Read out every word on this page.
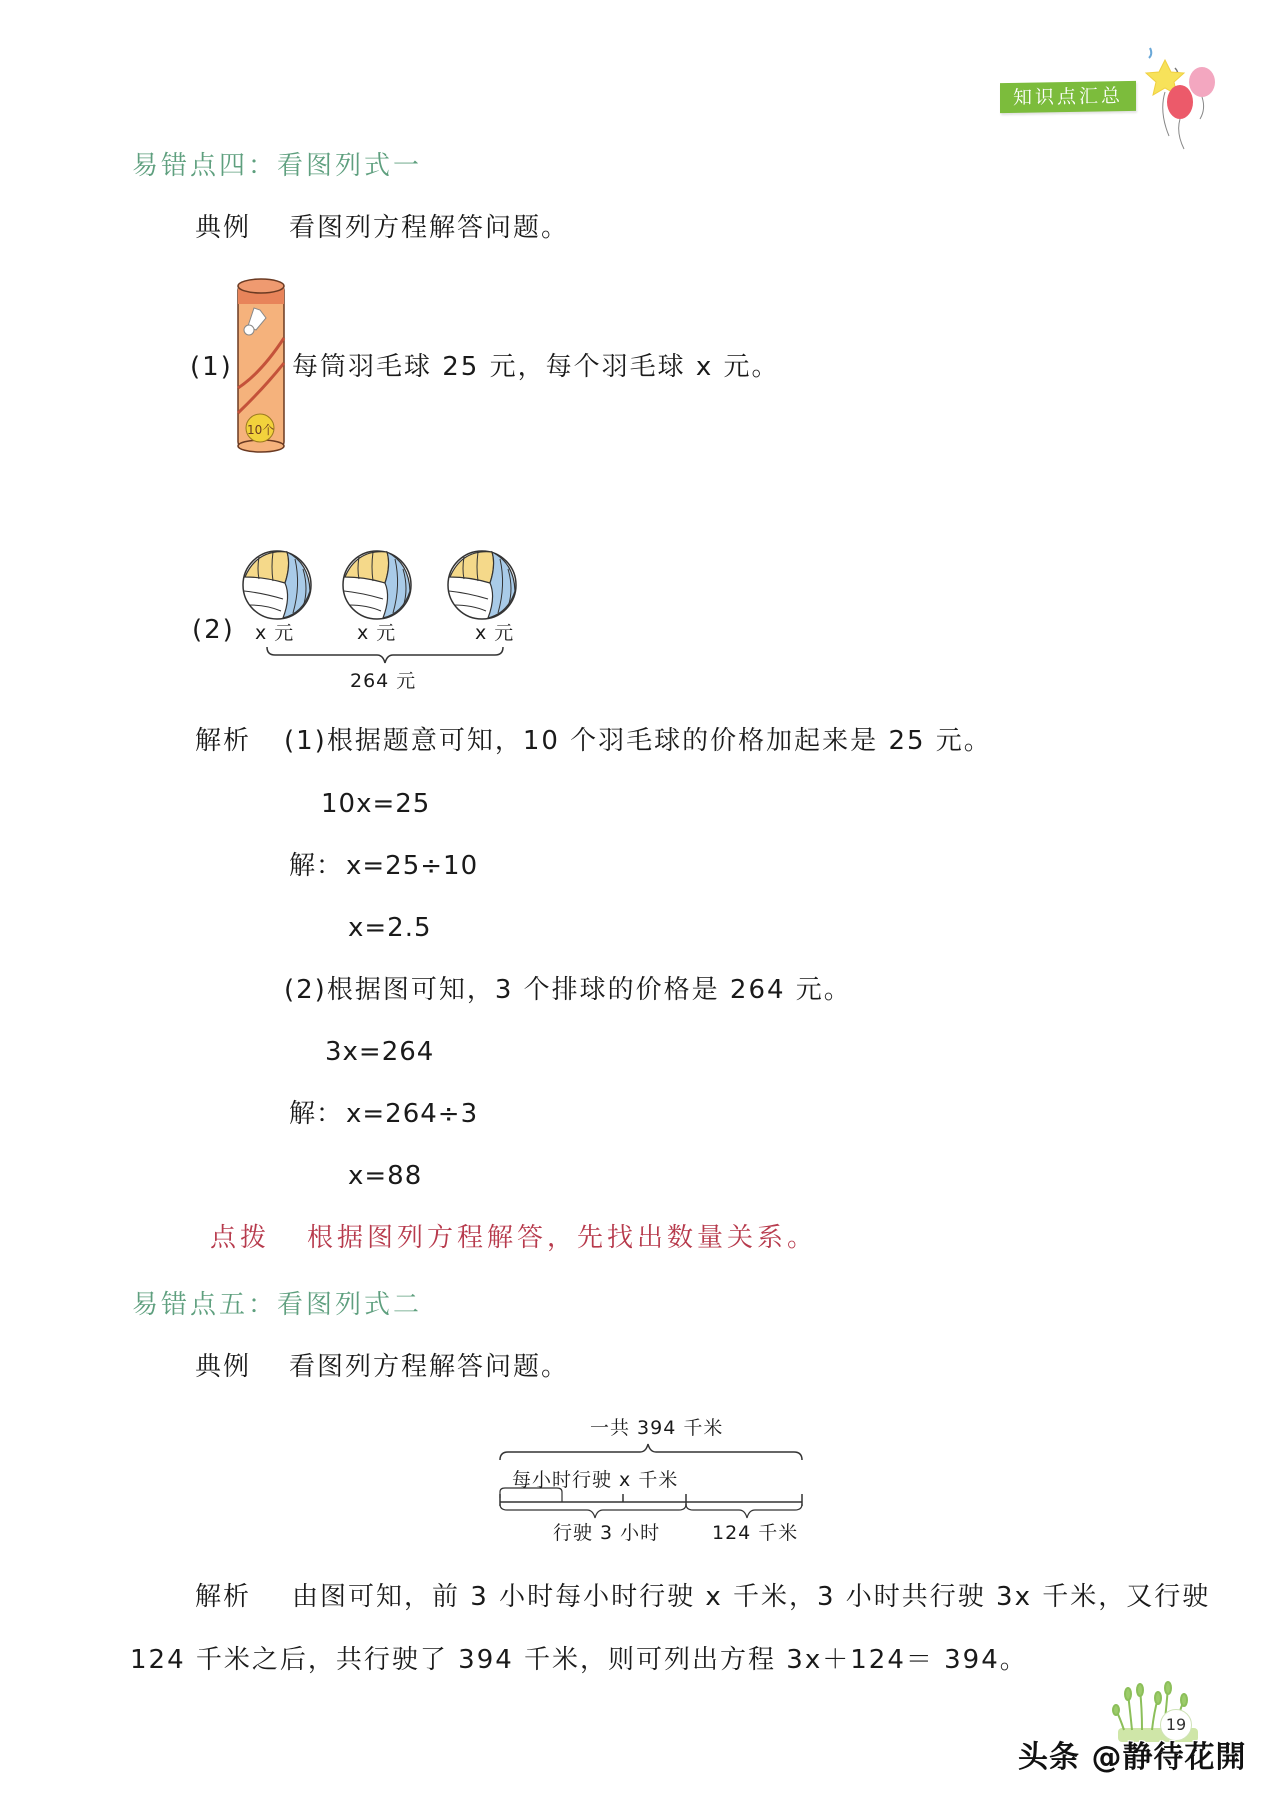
知识点汇总
易错点四：看图列式一
典例 看图列方程解答问题。
(1)
10个
每筒羽毛球 25 元，每个羽毛球 x 元。
(2) x 元	x 元	x 元
264 元
解析 (1)根据题意可知，10 个羽毛球的价格加起来是 25 元。
10x=25
解： x=25÷10
x=2.5
(2)根据图可知，3 个排球的价格是 264 元。
3x=264
解： x=264÷3
x=88
点拨 根据图列方程解答，先找出数量关系。
易错点五：看图列式二
典例 看图列方程解答问题。
一共 394 千米
每小时行驶 x 千米
行驶 3 小时	124 千米
解析 由图可知，前 3 小时每小时行驶 x 千米，3 小时共行驶 3x 千米，又行驶
124 千米之后，共行驶了 394 千米，则可列出方程 3x＋124＝ 394。
19
头条 @静待花開
